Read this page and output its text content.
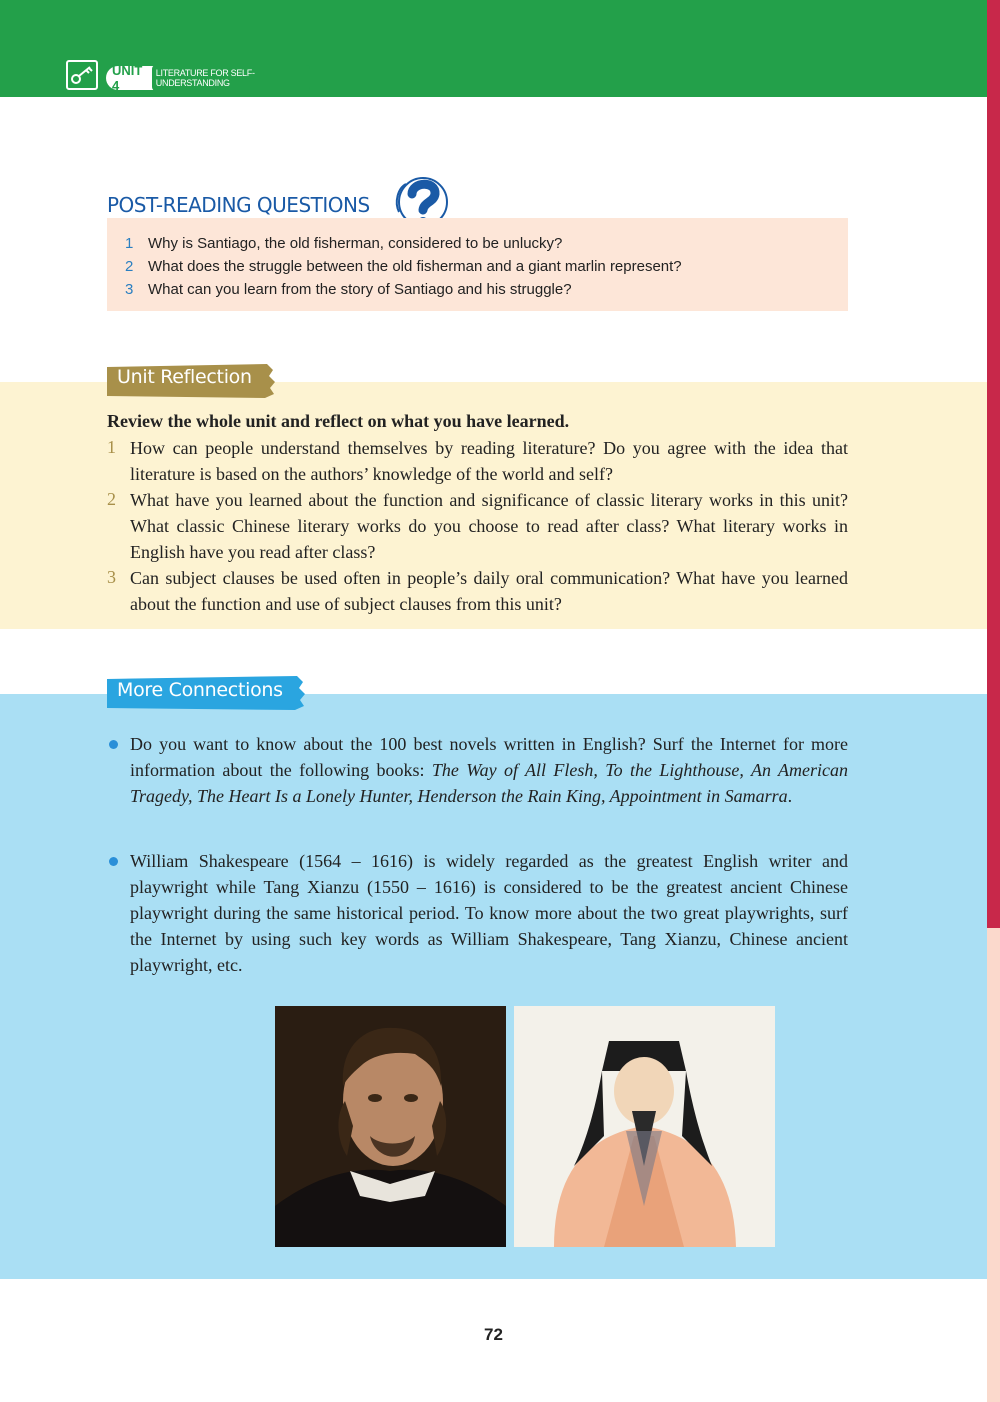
UNIT 4
LITERATURE FOR SELF-UNDERSTANDING
POST-READING QUESTIONS
1 Why is Santiago, the old fisherman, considered to be unlucky?
2 What does the struggle between the old fisherman and a giant marlin represent?
3 What can you learn from the story of Santiago and his struggle?
Unit Reflection
Review the whole unit and reflect on what you have learned.
1 How can people understand themselves by reading literature? Do you agree with the idea that literature is based on the authors’ knowledge of the world and self?
2 What have you learned about the function and significance of classic literary works in this unit? What classic Chinese literary works do you choose to read after class? What literary works in English have you read after class?
3 Can subject clauses be used often in people’s daily oral communication? What have you learned about the function and use of subject clauses from this unit?
More Connections
Do you want to know about the 100 best novels written in English? Surf the Internet for more information about the following books: The Way of All Flesh, To the Lighthouse, An American Tragedy, The Heart Is a Lonely Hunter, Henderson the Rain King, Appointment in Samarra.
William Shakespeare (1564 – 1616) is widely regarded as the greatest English writer and playwright while Tang Xianzu (1550 – 1616) is considered to be the greatest ancient Chinese playwright during the same historical period. To know more about the two great playwrights, surf the Internet by using such key words as William Shakespeare, Tang Xianzu, Chinese ancient playwright, etc.
72
